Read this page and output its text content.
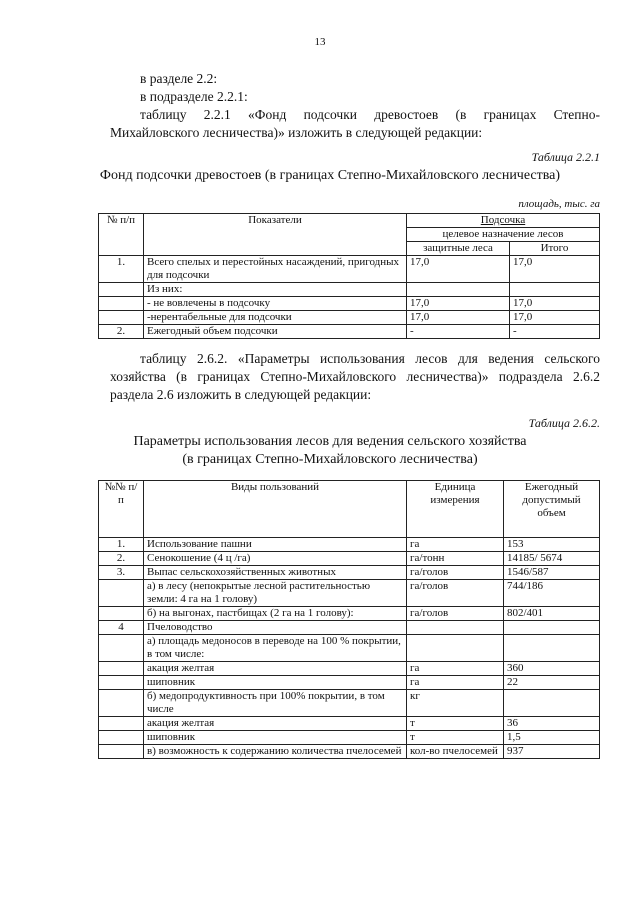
13
в разделе 2.2:
в подразделе 2.2.1:
таблицу 2.2.1 «Фонд подсочки древостоев (в границах Степно-
Михайловского лесничества)» изложить в следующей редакции:
Таблица 2.2.1
Фонд подсочки древостоев (в границах Степно-Михайловского лесничества)
площадь, тыс. га
№ п/п	Показатели	Подсочка	
		целевое назначение лесов	
		защитные леса	Итого
1.	Всего спелых и перестойных насаждений, пригодных для подсочки	17,0	17,0
	Из них:		
	- не вовлечены в подсочку	17,0	17,0
	-нерентабельные для подсочки	17,0	17,0
2.	Ежегодный объем подсочки	-	-
таблицу 2.6.2. «Параметры использования лесов для ведения сельского
хозяйства (в границах Степно-Михайловского лесничества)» подраздела 2.6.2
раздела 2.6 изложить в следующей редакции:
Таблица 2.6.2.
Параметры использования лесов для ведения сельского хозяйства
(в границах Степно-Михайловского лесничества)
№№ п/п	Виды пользований	Единица измерения	Ежегодный допустимый объем
1.	Использование пашни	га	153
2.	Сенокошение (4 ц /га)	га/тонн	14185/ 5674
3.	Выпас сельскохозяйственных животных	га/голов	1546/587
	а) в лесу (непокрытые лесной растительностью земли: 4 га на 1 голову)	га/голов	744/186
	б) на выгонах, пастбищах (2 га на 1 голову):	га/голов	802/401
4	Пчеловодство		
	а) площадь медоносов в переводе на 100 % покрытии, в том числе:		
	акация желтая	га	360
	шиповник	га	22
	б) медопродуктивность при 100% покрытии, в том числе	кг	
	акация желтая	т	36
	шиповник	т	1,5
	в) возможность к содержанию количества пчелосемей	кол-во пчелосемей	937
